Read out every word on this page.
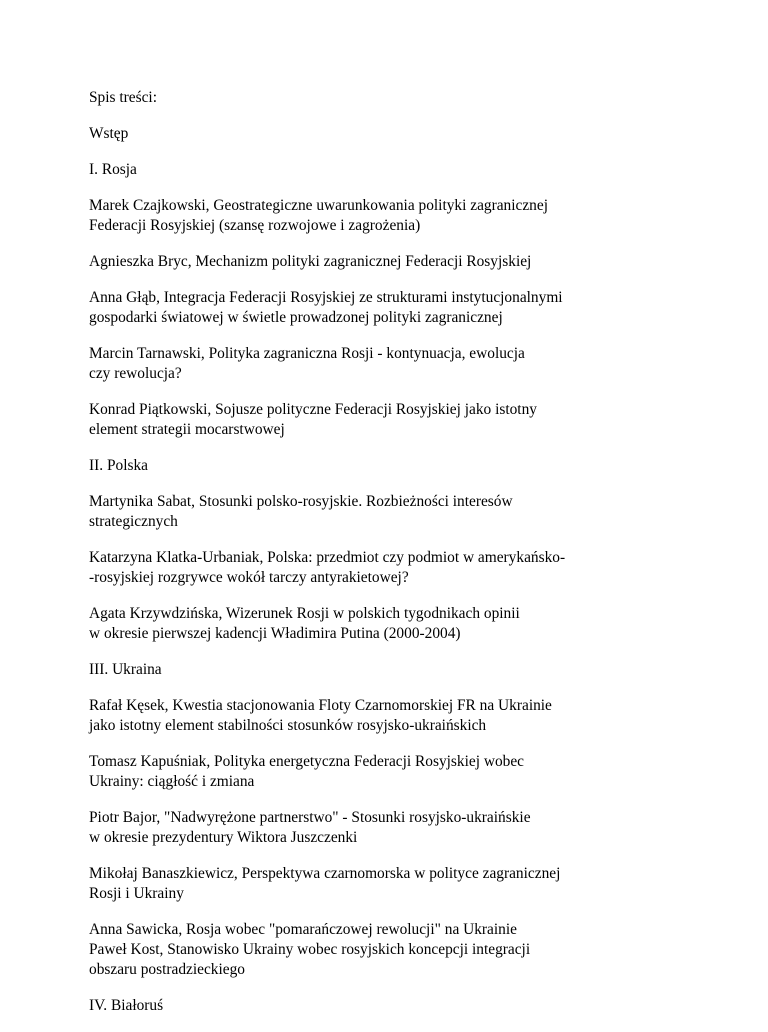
Spis treści:

Wstęp

I. Rosja

Marek Czajkowski, Geostrategiczne uwarunkowania polityki zagranicznej
Federacji Rosyjskiej (szansę rozwojowe i zagrożenia)

Agnieszka Bryc, Mechanizm polityki zagranicznej Federacji Rosyjskiej

Anna Głąb, Integracja Federacji Rosyjskiej ze strukturami instytucjonalnymi
gospodarki światowej w świetle prowadzonej polityki zagranicznej

Marcin Tarnawski, Polityka zagraniczna Rosji - kontynuacja, ewolucja
czy rewolucja?

Konrad Piątkowski, Sojusze polityczne Federacji Rosyjskiej jako istotny
element strategii mocarstwowej

II. Polska

Martynika Sabat, Stosunki polsko-rosyjskie. Rozbieżności interesów
strategicznych

Katarzyna Klatka-Urbaniak, Polska: przedmiot czy podmiot w amerykańsko-
-rosyjskiej rozgrywce wokół tarczy antyrakietowej?

Agata Krzywdzińska, Wizerunek Rosji w polskich tygodnikach opinii
w okresie pierwszej kadencji Władimira Putina (2000-2004)

III. Ukraina

Rafał Kęsek, Kwestia stacjonowania Floty Czarnomorskiej FR na Ukrainie
jako istotny element stabilności stosunków rosyjsko-ukraińskich

Tomasz Kapuśniak, Polityka energetyczna Federacji Rosyjskiej wobec
Ukrainy: ciągłość i zmiana

Piotr Bajor, "Nadwyrężone partnerstwo" - Stosunki rosyjsko-ukraińskie
w okresie prezydentury Wiktora Juszczenki

Mikołaj Banaszkiewicz, Perspektywa czarnomorska w polityce zagranicznej
Rosji i Ukrainy

Anna Sawicka, Rosja wobec "pomarańczowej rewolucji" na Ukrainie
Paweł Kost, Stanowisko Ukrainy wobec rosyjskich koncepcji integracji
obszaru postradzieckiego

IV. Białoruś
